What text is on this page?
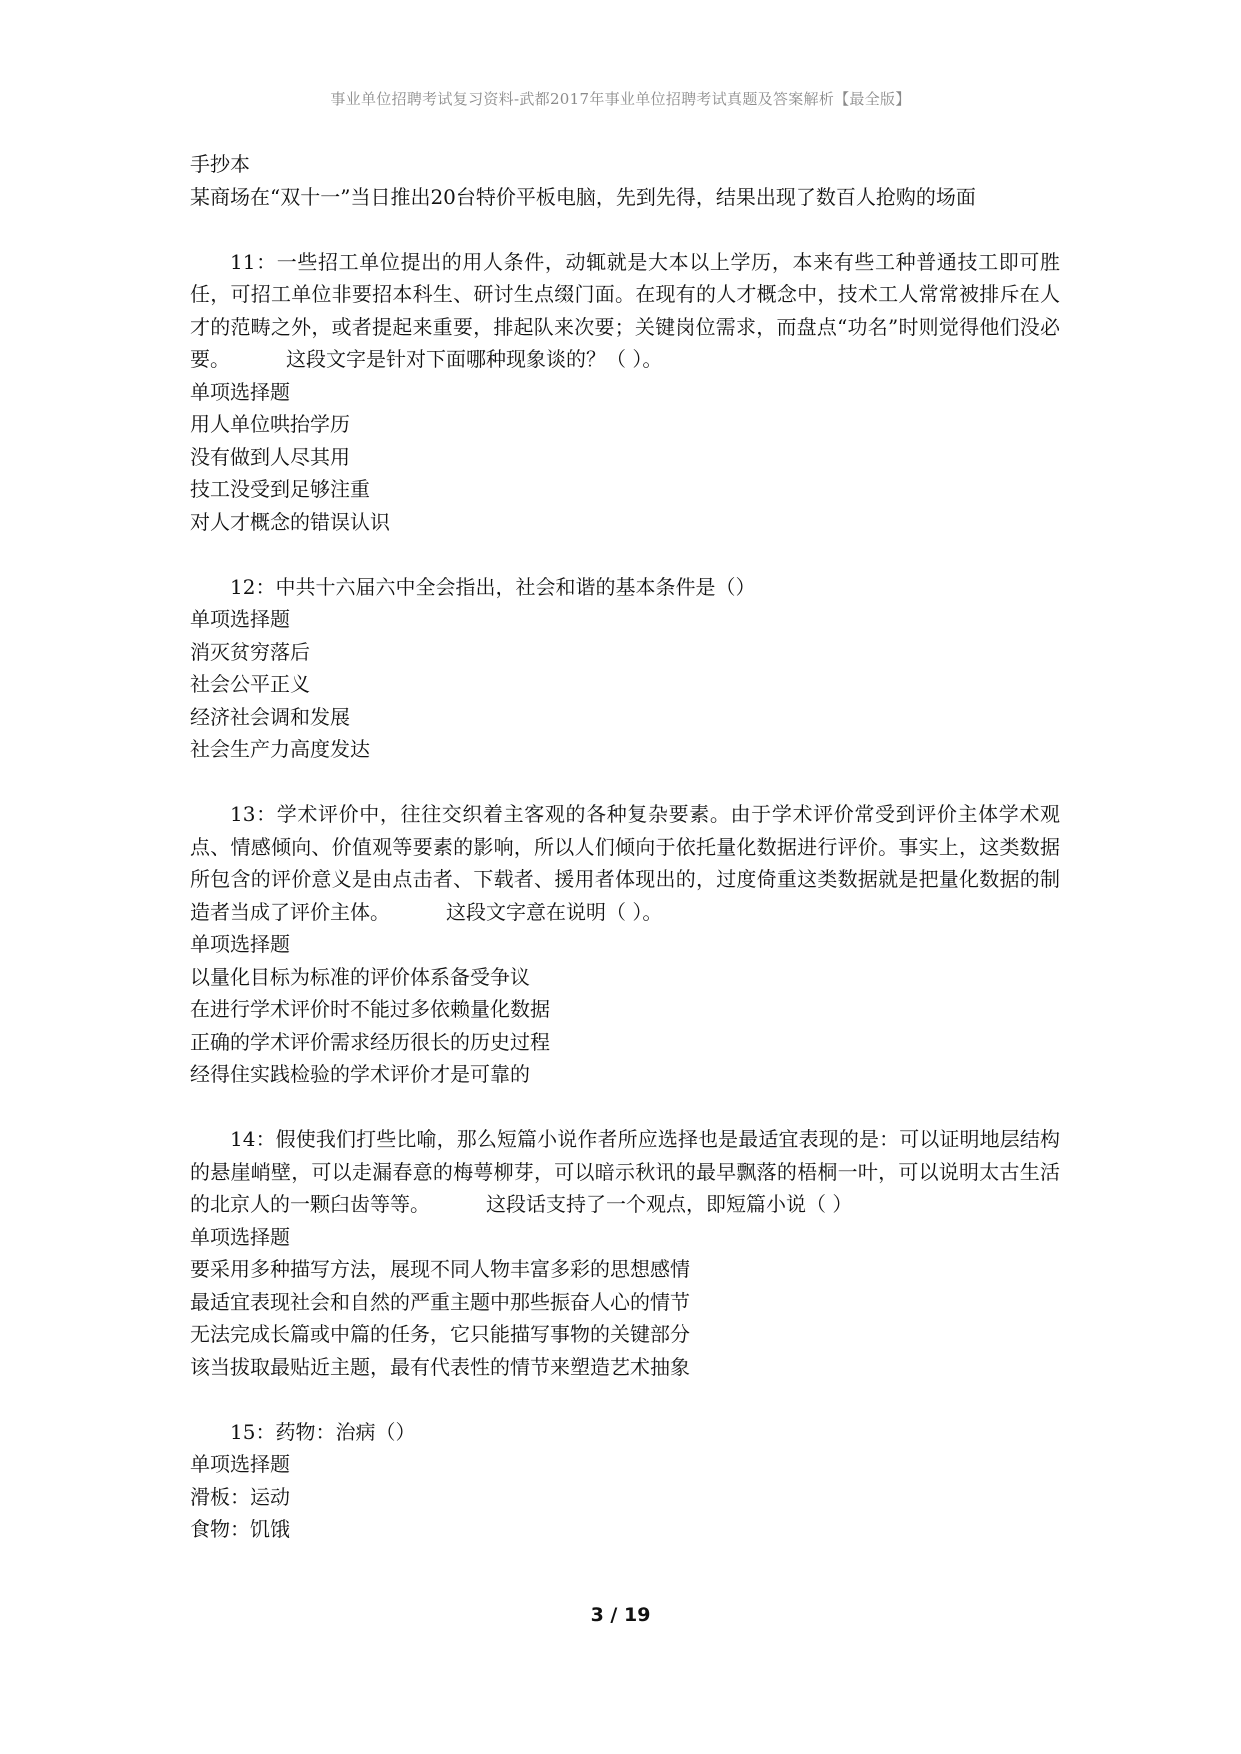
事业单位招聘考试复习资料-武都2017年事业单位招聘考试真题及答案解析【最全版】

手抄本

某商场在“双十一”当日推出20台特价平板电脑，先到先得，结果出现了数百人抢购的场面

11：一些招工单位提出的用人条件，动辄就是大本以上学历，本来有些工种普通技工即可胜任，可招工单位非要招本科生、研讨生点缀门面。在现有的人才概念中，技术工人常常被排斥在人才的范畴之外，或者提起来重要，排起队来次要；关键岗位需求，而盘点“功名”时则觉得他们没必要。	这段文字是针对下面哪种现象谈的？（ ）。

单项选择题

用人单位哄抬学历

没有做到人尽其用

技工没受到足够注重

对人才概念的错误认识

12：中共十六届六中全会指出，社会和谐的基本条件是（）

单项选择题

消灭贫穷落后

社会公平正义

经济社会调和发展

社会生产力高度发达

13：学术评价中，往往交织着主客观的各种复杂要素。由于学术评价常受到评价主体学术观点、情感倾向、价值观等要素的影响，所以人们倾向于依托量化数据进行评价。事实上，这类数据所包含的评价意义是由点击者、下载者、援用者体现出的，过度倚重这类数据就是把量化数据的制造者当成了评价主体。	这段文字意在说明（ ）。

单项选择题

以量化目标为标准的评价体系备受争议

在进行学术评价时不能过多依赖量化数据

正确的学术评价需求经历很长的历史过程

经得住实践检验的学术评价才是可靠的

14：假使我们打些比喻，那么短篇小说作者所应选择也是最适宜表现的是：可以证明地层结构的悬崖峭壁，可以走漏春意的梅萼柳芽，可以暗示秋讯的最早飘落的梧桐一叶，可以说明太古生活的北京人的一颗臼齿等等。	这段话支持了一个观点，即短篇小说（ ）

单项选择题

要采用多种描写方法，展现不同人物丰富多彩的思想感情

最适宜表现社会和自然的严重主题中那些振奋人心的情节

无法完成长篇或中篇的任务，它只能描写事物的关键部分

该当拔取最贴近主题，最有代表性的情节来塑造艺术抽象

15：药物：治病（）

单项选择题

滑板：运动

食物：饥饿

3 / 19
